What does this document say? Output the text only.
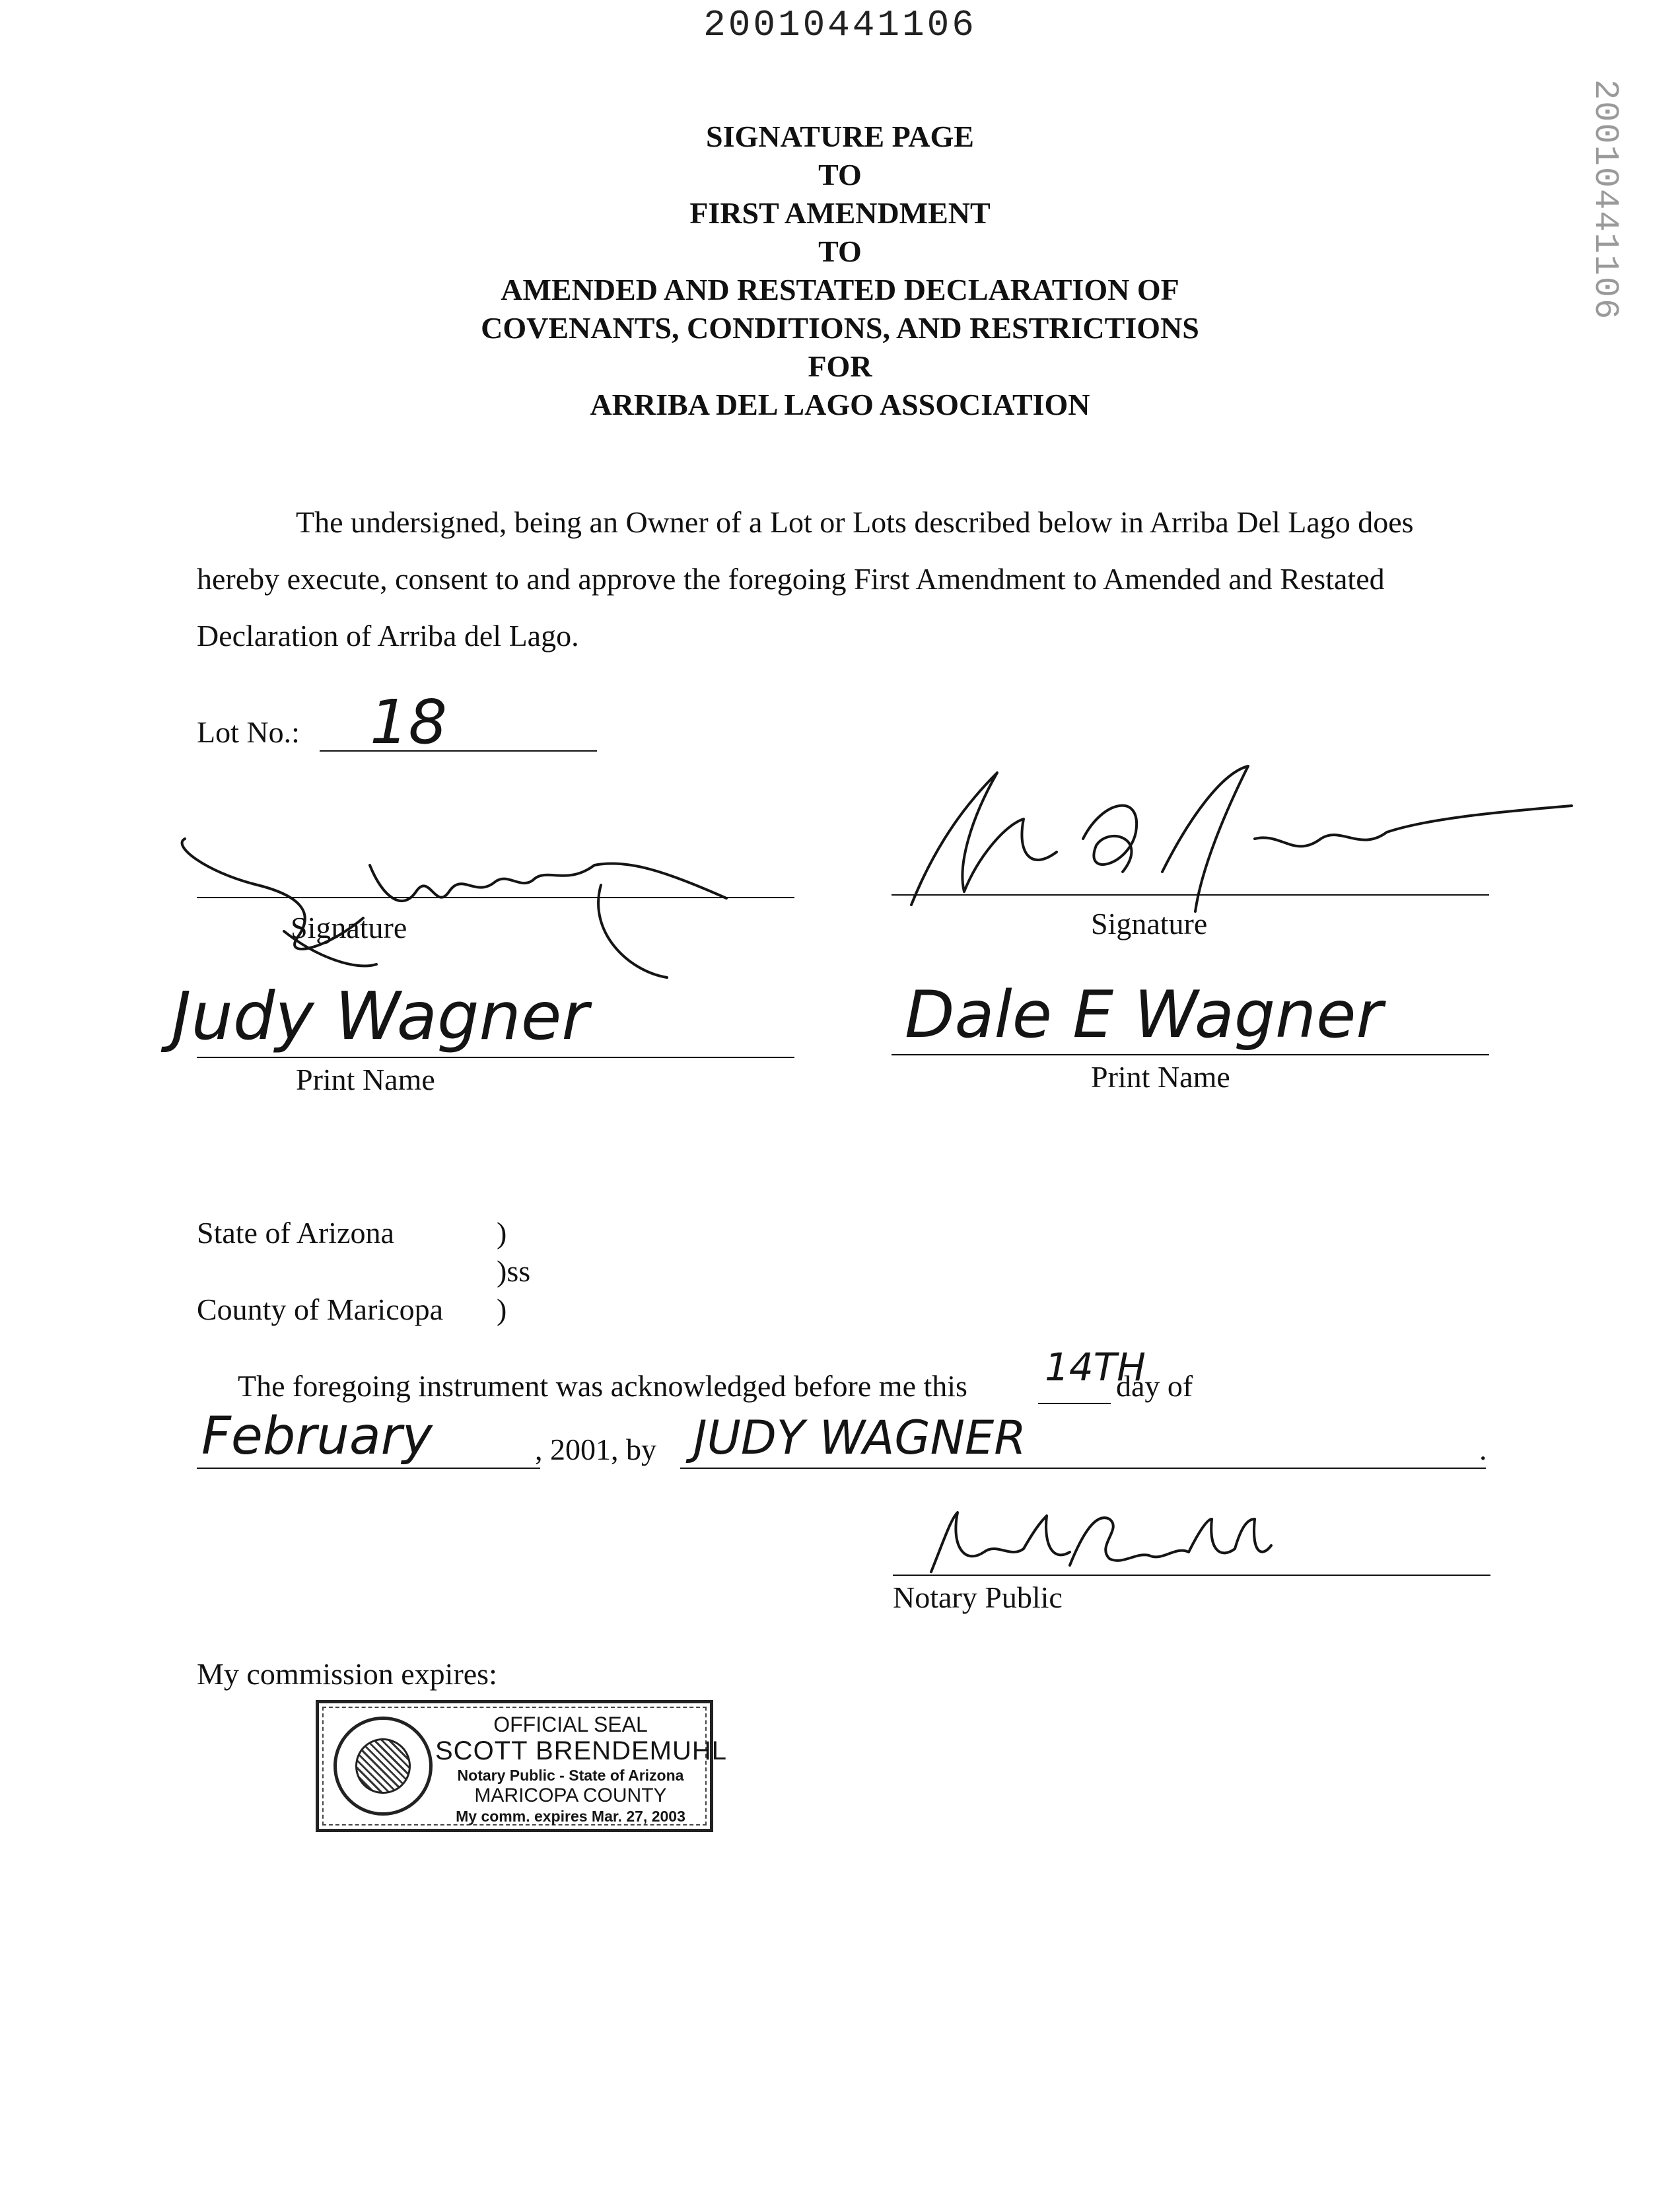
20010441106
20010441106
SIGNATURE PAGE
TO
FIRST AMENDMENT
TO
AMENDED AND RESTATED DECLARATION OF
COVENANTS, CONDITIONS, AND RESTRICTIONS
FOR
ARRIBA DEL LAGO ASSOCIATION
The undersigned, being an Owner of a Lot or Lots described below in Arriba Del Lago does hereby execute, consent to and approve the foregoing First Amendment to Amended and Restated Declaration of Arriba del Lago.
Lot No.: 18
Signature	Signature
Judy Wagner
Print Name
Dale E Wagner
Print Name
State of Arizona	)
)ss
County of Maricopa )
The foregoing instrument was acknowledged before me this 14TH
day of
February	, 2001, by JUDY WAGNER	.
Notary Public
My commission expires:
OFFICIAL SEAL
SCOTT BRENDEMUHL
Notary Public - State of Arizona
MARICOPA COUNTY
My comm. expires Mar. 27, 2003
